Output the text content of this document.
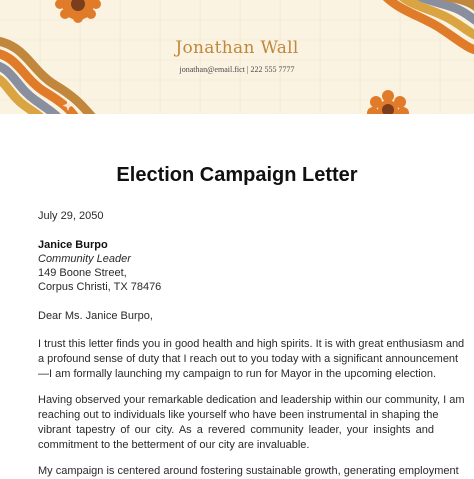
Jonathan Wall
jonathan@email.fict | 222 555 7777
Election Campaign Letter
July 29, 2050
Janice Burpo
Community Leader
149 Boone Street,
Corpus Christi, TX 78476
Dear Ms. Janice Burpo,
I trust this letter finds you in good health and high spirits. It is with great enthusiasm and
a profound sense of duty that I reach out to you today with a significant announcement
—I am formally launching my campaign to run for Mayor in the upcoming election.
Having observed your remarkable dedication and leadership within our community, I am
reaching out to individuals like yourself who have been instrumental in shaping the
vibrant tapestry of our city. As a revered community leader, your insights and
commitment to the betterment of our city are invaluable.
My campaign is centered around fostering sustainable growth, generating employment
